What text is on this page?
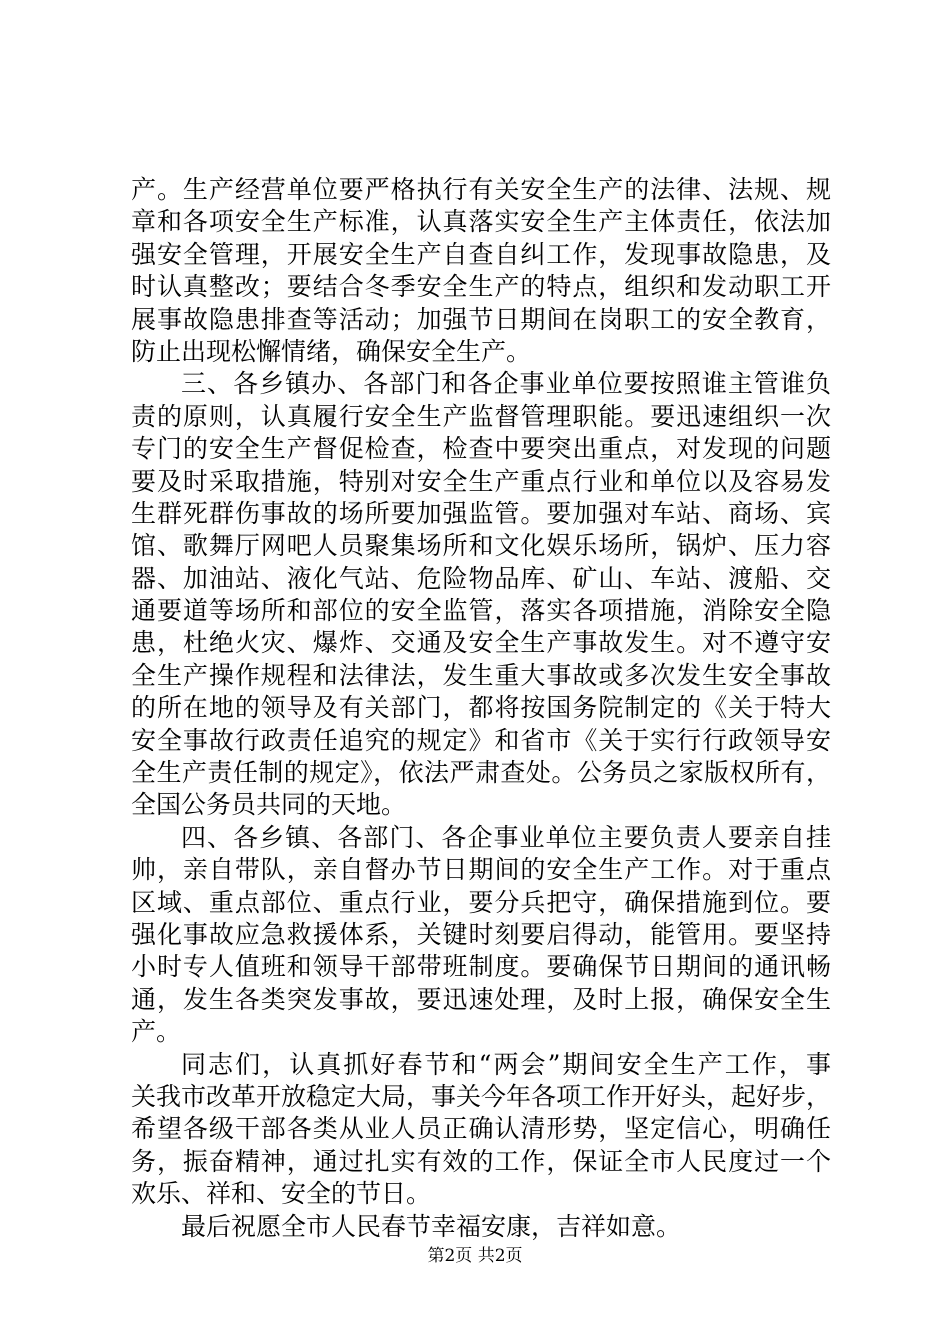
产。生产经营单位要严格执行有关安全生产的法律、法规、规
章和各项安全生产标准，认真落实安全生产主体责任，依法加
强安全管理，开展安全生产自查自纠工作，发现事故隐患，及
时认真整改；要结合冬季安全生产的特点，组织和发动职工开
展事故隐患排查等活动；加强节日期间在岗职工的安全教育，
防止出现松懈情绪，确保安全生产。
三、各乡镇办、各部门和各企事业单位要按照谁主管谁负
责的原则，认真履行安全生产监督管理职能。要迅速组织一次
专门的安全生产督促检查，检查中要突出重点，对发现的问题
要及时采取措施，特别对安全生产重点行业和单位以及容易发
生群死群伤事故的场所要加强监管。要加强对车站、商场、宾
馆、歌舞厅网吧人员聚集场所和文化娱乐场所，锅炉、压力容
器、加油站、液化气站、危险物品库、矿山、车站、渡船、交
通要道等场所和部位的安全监管，落实各项措施，消除安全隐
患，杜绝火灾、爆炸、交通及安全生产事故发生。对不遵守安
全生产操作规程和法律法，发生重大事故或多次发生安全事故
的所在地的领导及有关部门，都将按国务院制定的《关于特大
安全事故行政责任追究的规定》和省市《关于实行行政领导安
全生产责任制的规定》，依法严肃查处。公务员之家版权所有，
全国公务员共同的天地。
四、各乡镇、各部门、各企事业单位主要负责人要亲自挂
帅，亲自带队，亲自督办节日期间的安全生产工作。对于重点
区域、重点部位、重点行业，要分兵把守，确保措施到位。要
强化事故应急救援体系，关键时刻要启得动，能管用。要坚持
小时专人值班和领导干部带班制度。要确保节日期间的通讯畅
通，发生各类突发事故，要迅速处理，及时上报，确保安全生
产。
同志们，认真抓好春节和“两会”期间安全生产工作，事
关我市改革开放稳定大局，事关今年各项工作开好头，起好步，
希望各级干部各类从业人员正确认清形势，坚定信心，明确任
务，振奋精神，通过扎实有效的工作，保证全市人民度过一个
欢乐、祥和、安全的节日。
最后祝愿全市人民春节幸福安康，吉祥如意。
第2页 共2页
